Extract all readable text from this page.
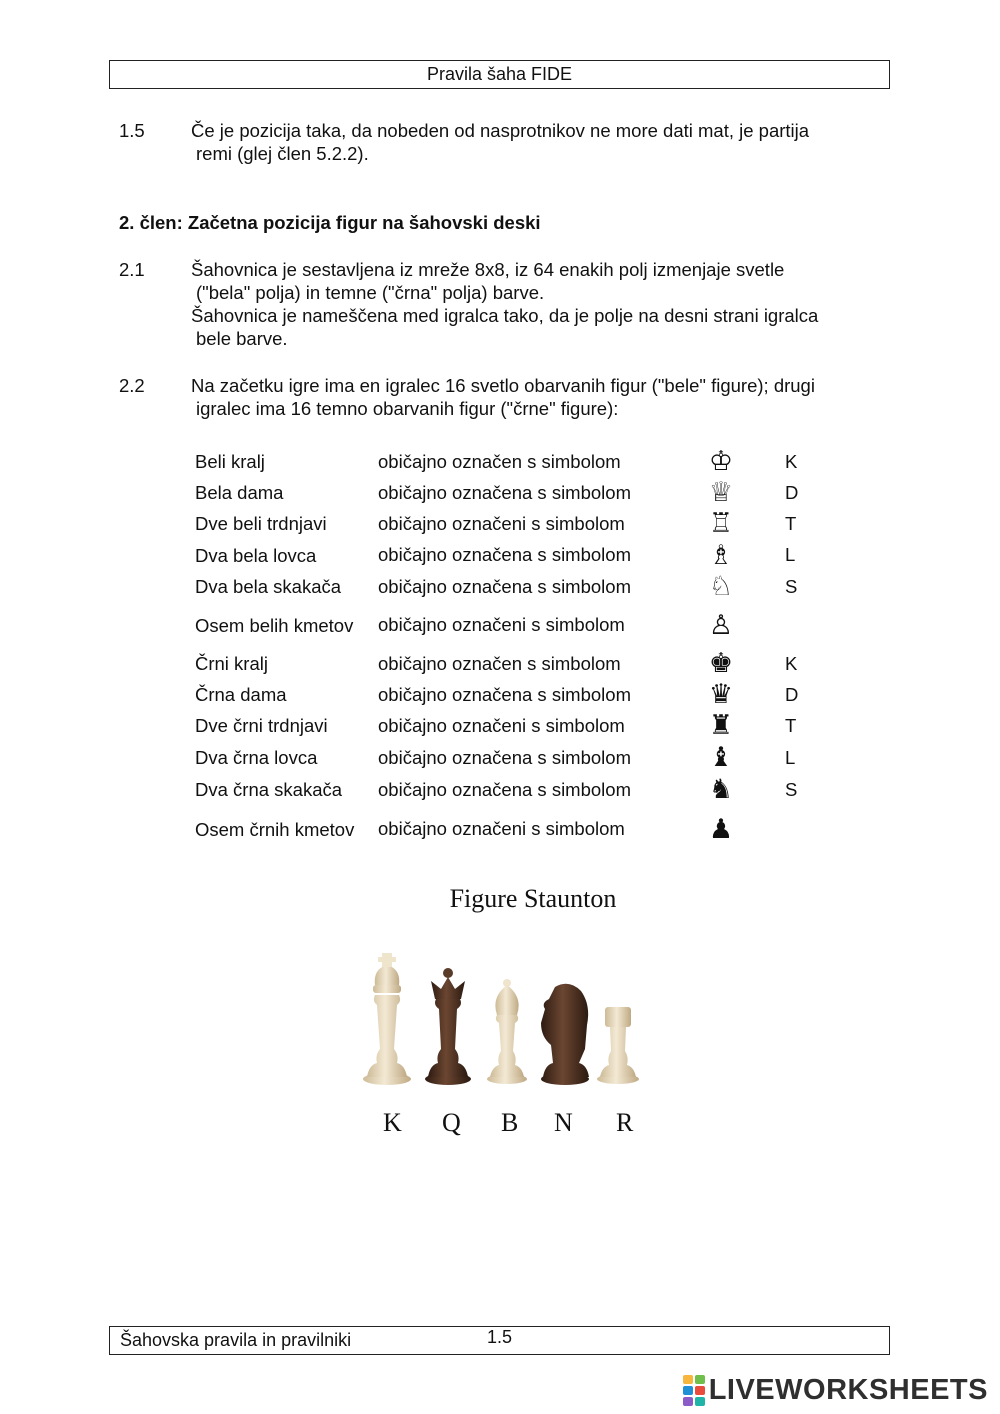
Pravila šaha FIDE
1.5	Če je pozicija taka, da nobeden od nasprotnikov ne more dati mat, je partija
remi (glej člen 5.2.2).
2. člen: Začetna pozicija figur na šahovski deski
2.1	Šahovnica je sestavljena iz mreže 8x8, iz 64 enakih polj izmenjaje svetle
("bela" polja) in temne ("črna" polja) barve.
Šahovnica je nameščena med igralca tako, da je polje na desni strani igralca
bele barve.
2.2	Na začetku igre ima en igralec 16 svetlo obarvanih figur ("bele" figure); drugi
igralec ima 16 temno obarvanih figur ("črne" figure):
Beli kralj	običajno označen s simbolom	♔	K
Bela dama	običajno označena s simbolom	♕	D
Dve beli trdnjavi	običajno označeni s simbolom	♖	T
Dva bela lovca	običajno označena s simbolom	♗	L
Dva bela skakača	običajno označena s simbolom	♘	S
Osem belih kmetov	običajno označeni s simbolom	♙
Črni kralj	običajno označen s simbolom	♚	K
Črna dama	običajno označena s simbolom	♛	D
Dve črni trdnjavi	običajno označeni s simbolom	♜	T
Dva črna lovca	običajno označena s simbolom	♝	L
Dva črna skakača	običajno označena s simbolom	♞	S
Osem črnih kmetov	običajno označeni s simbolom	♟
Figure Staunton
K Q B N R
Šahovska pravila in pravilniki	1.5
LIVEWORKSHEETS
